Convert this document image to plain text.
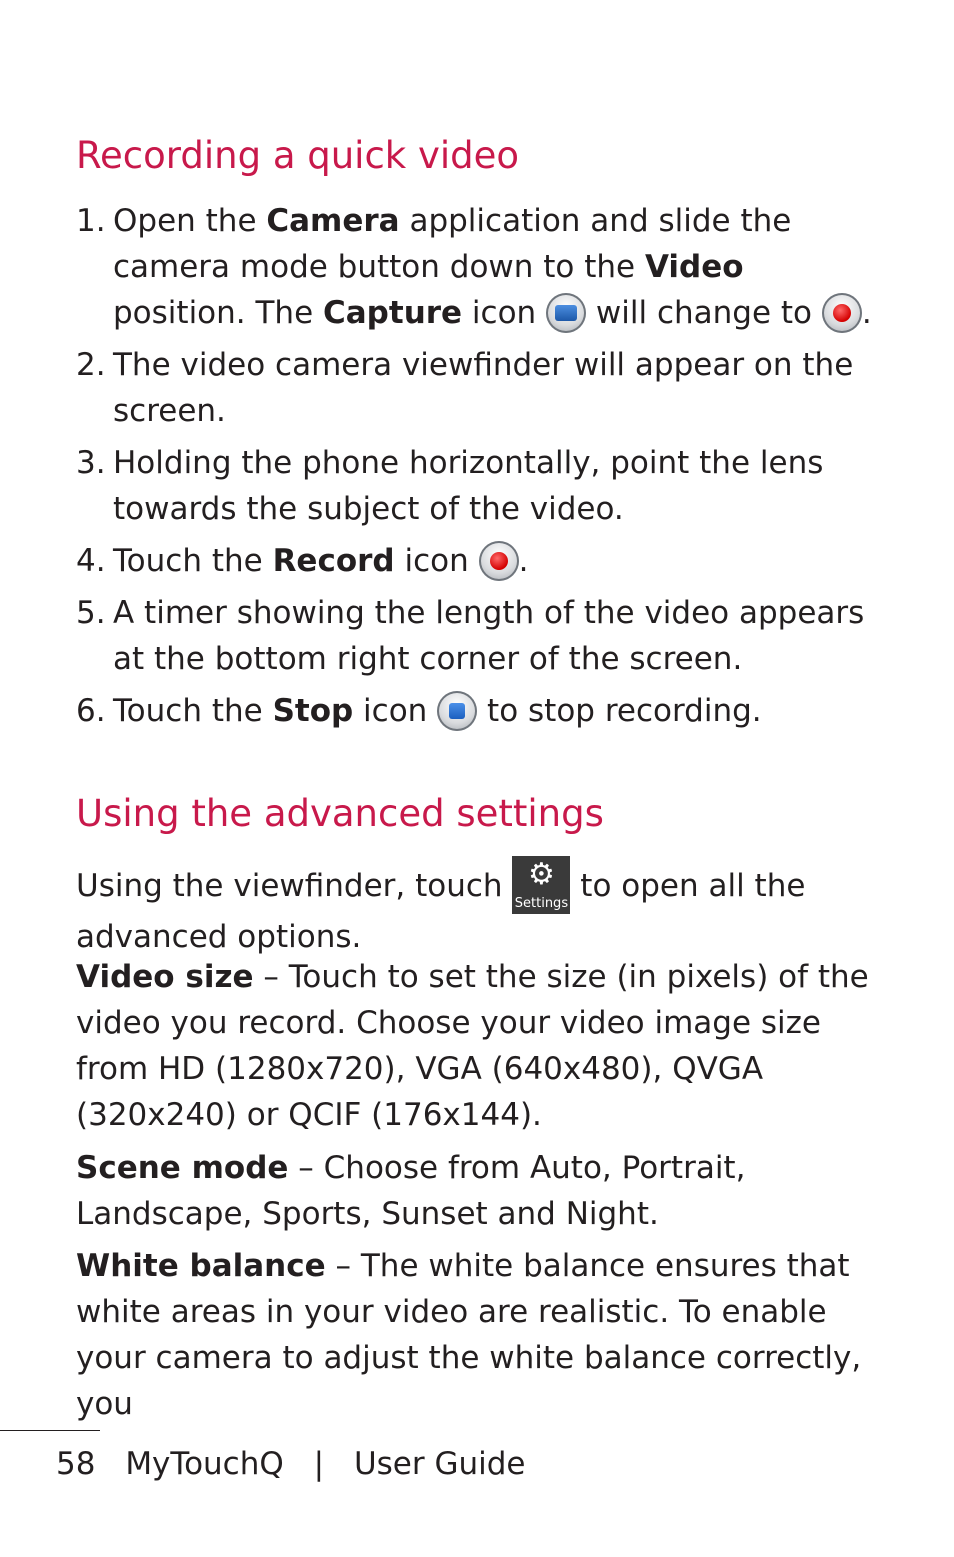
Recording a quick video
1. Open the Camera application and slide the camera mode button down to the Video position. The Capture icon  will change to .
2. The video camera viewfinder will appear on the screen.
3. Holding the phone horizontally, point the lens towards the subject of the video.
4. Touch the Record icon .
5. A timer showing the length of the video appears at the bottom right corner of the screen.
6. Touch the Stop icon  to stop recording.
Using the advanced settings

Using the viewfinder, touch ⚙
Settings to open all the advanced options.

Video size – Touch to set the size (in pixels) of the video you record. Choose your video image size from HD (1280x720), VGA (640x480), QVGA (320x240) or QCIF (176x144).

Scene mode – Choose from Auto, Portrait, Landscape, Sports, Sunset and Night.

White balance – The white balance ensures that white areas in your video are realistic. To enable your camera to adjust the white balance correctly, you

58 MyTouchQ | User Guide
